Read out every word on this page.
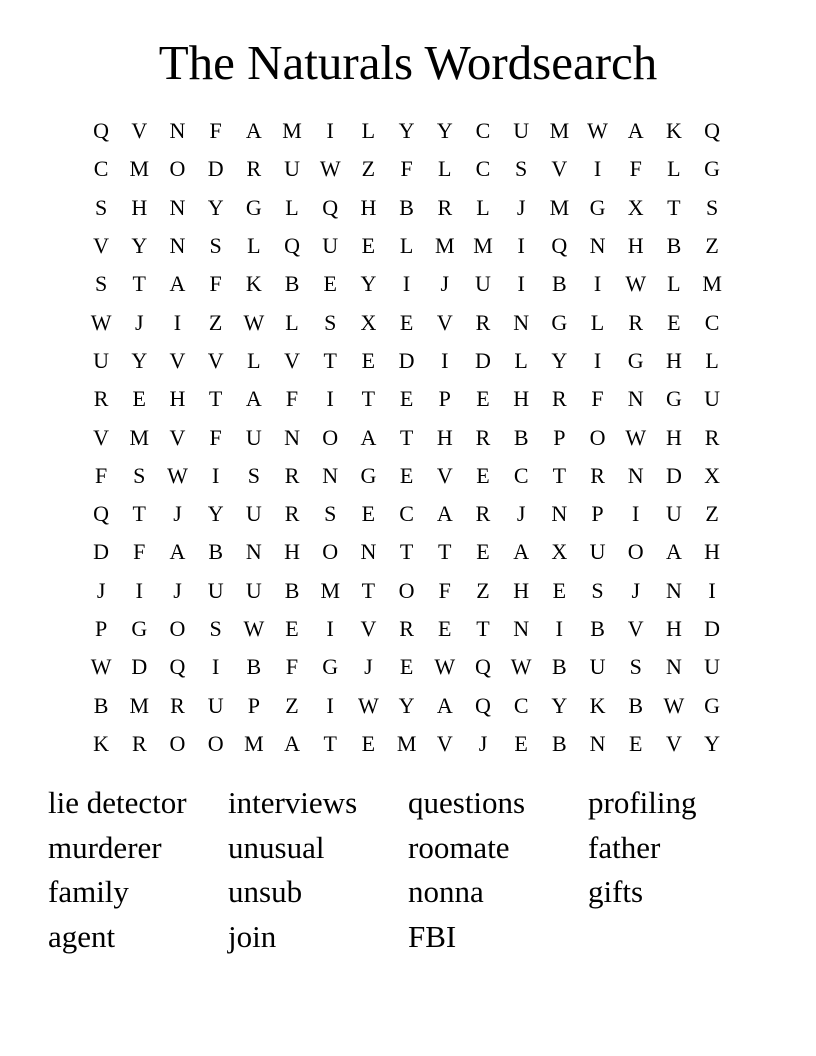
The Naturals Wordsearch
Q	V	N	F	A M	I	L	Y	Y	C	U M W A	K	Q
C M O	D	R	U W Z	F	L	C	S	V	I	F	L	G
S	H	N	Y	G	L	Q	H	B	R	L	J	M G	X	T	S
V	Y	N	S	L	Q	U	E	L M M	I	Q	N	H	B	Z
S	T	A	F	K	B	E	Y	I	J	U	I	B	I	W L M
W	J	I	Z W L	S	X	E	V	R	N	G	L	R	E	C
U	Y	V	V	L	V	T	E	D	I	D	L	Y	I	G	H	L
R	E	H	T	A	F	I	T	E	P	E	H	R	F	N	G	U
V M V	F	U	N	O	A	T	H	R	B	P	O W H	R
F	S W	I	S	R	N	G	E	V	E	C	T	R	N	D	X
Q	T	J	Y	U	R	S	E	C	A	R	J	N	P	I	U	Z
D	F	A	B	N	H	O	N	T	T	E	A	X	U	O	A	H
J	I	J	U	U	B M T	O	F	Z	H	E	S	J	N	I
P	G	O	S W E	I	V	R	E	T	N	I	B	V	H	D
W D	Q	I	B	F	G	J	E W Q W B	U	S	N	U
B M R	U	P	Z	I	W Y	A	Q	C	Y	K	B W G
K	R	O	O M A	T	E M V	J	E	B	N	E	V	Y
lie detector	interviews	questions	profiling
murderer	unusual	roomate	father
family	unsub	nonna	gifts
agent	join	FBI
